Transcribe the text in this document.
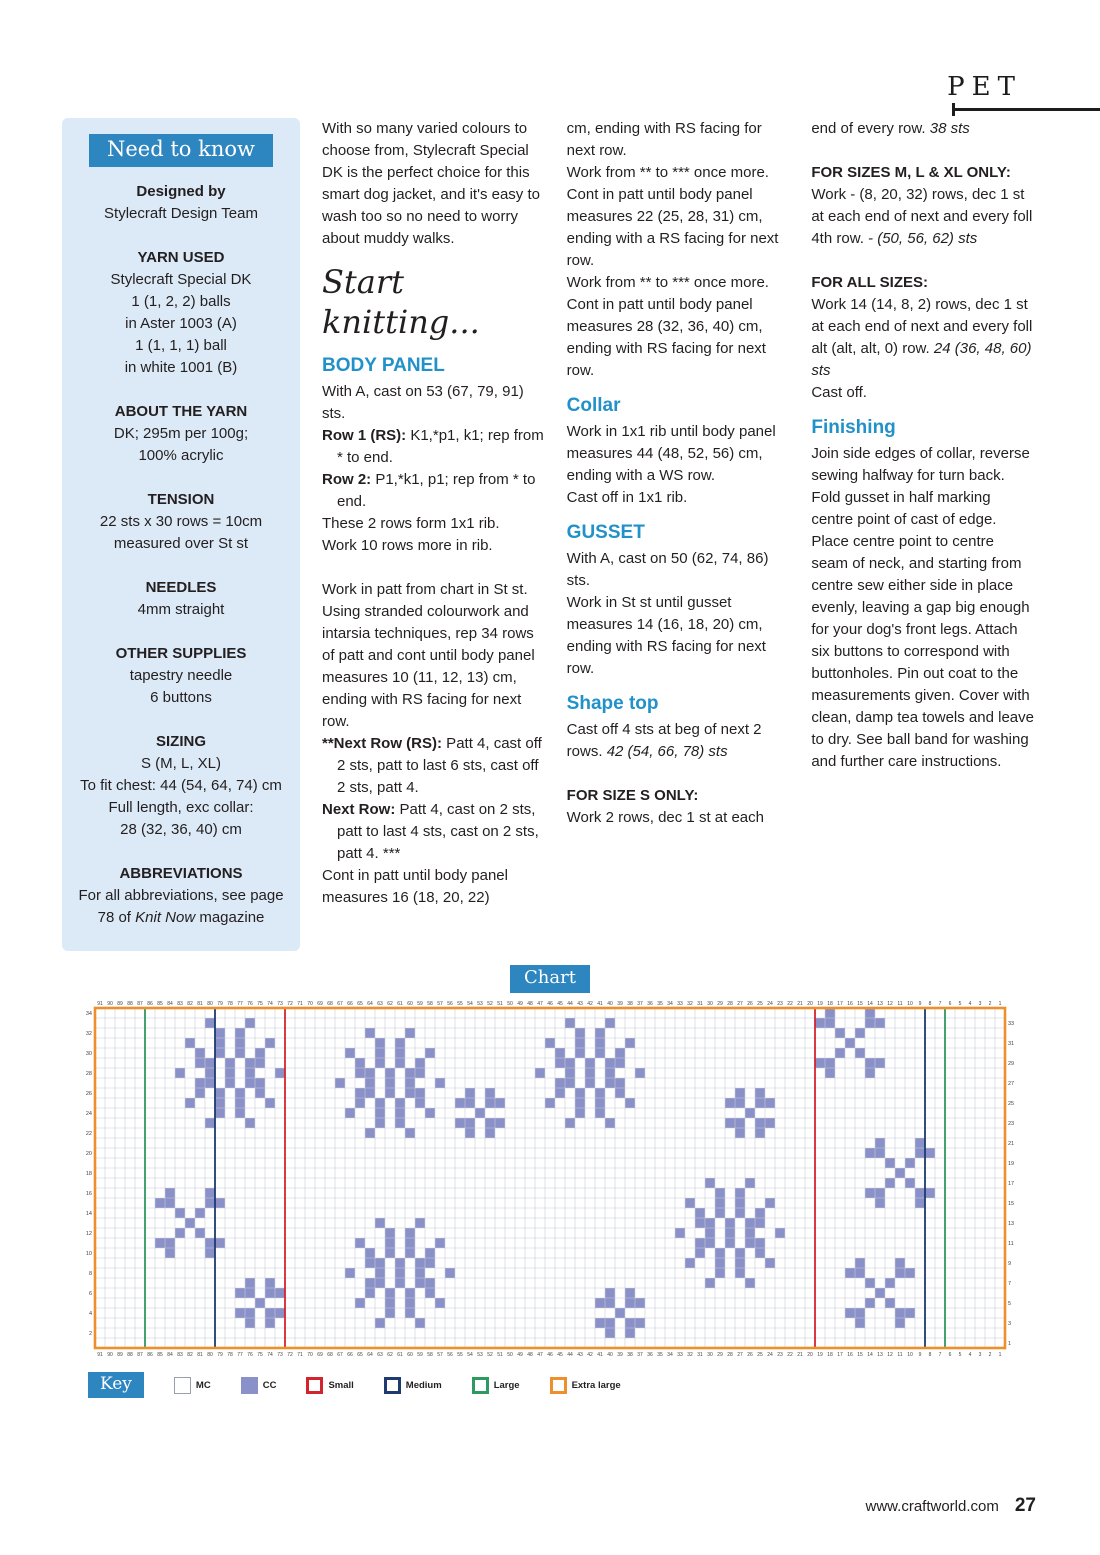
PET
Need to know
Designed by
Stylecraft Design Team
YARN USED
Stylecraft Special DK
1 (1, 2, 2) balls
in Aster 1003 (A)
1 (1, 1, 1) ball
in white 1001 (B)
ABOUT THE YARN
DK; 295m per 100g;
100% acrylic
TENSION
22 sts x 30 rows = 10cm
measured over St st
NEEDLES
4mm straight
OTHER SUPPLIES
tapestry needle
6 buttons
SIZING
S (M, L, XL)
To fit chest: 44 (54, 64, 74) cm
Full length, exc collar:
28 (32, 36, 40) cm
ABBREVIATIONS
For all abbreviations, see page
78 of Knit Now magazine
With so many varied colours to choose from, Stylecraft Special DK is the perfect choice for this smart dog jacket, and it's easy to wash too so no need to worry about muddy walks.
Start knitting...
BODY PANEL
With A, cast on 53 (67, 79, 91) sts.
Row 1 (RS): K1,*p1, k1; rep from * to end.
Row 2: P1,*k1, p1; rep from * to end.
These 2 rows form 1x1 rib.
Work 10 rows more in rib.
Work in patt from chart in St st.
Using stranded colourwork and intarsia techniques, rep 34 rows of patt and cont until body panel measures 10 (11, 12, 13) cm, ending with RS facing for next row.
**Next Row (RS): Patt 4, cast off 2 sts, patt to last 6 sts, cast off 2 sts, patt 4.
Next Row: Patt 4, cast on 2 sts, patt to last 4 sts, cast on 2 sts, patt 4. ***
Cont in patt until body panel measures 16 (18, 20, 22)
cm, ending with RS facing for next row.
Work from ** to *** once more.
Cont in patt until body panel measures 22 (25, 28, 31) cm, ending with a RS facing for next row.
Work from ** to *** once more.
Cont in patt until body panel measures 28 (32, 36, 40) cm, ending with RS facing for next row.
Collar
Work in 1x1 rib until body panel measures 44 (48, 52, 56) cm, ending with a WS row.
Cast off in 1x1 rib.
GUSSET
With A, cast on 50 (62, 74, 86) sts.
Work in St st until gusset measures 14 (16, 18, 20) cm, ending with RS facing for next row.
Shape top
Cast off 4 sts at beg of next 2 rows. 42 (54, 66, 78) sts
FOR SIZE S ONLY:
Work 2 rows, dec 1 st at each
end of every row. 38 sts
FOR SIZES M, L & XL ONLY:
Work - (8, 20, 32) rows, dec 1 st at each end of next and every foll 4th row. - (50, 56, 62) sts
FOR ALL SIZES:
Work 14 (14, 8, 2) rows, dec 1 st at each end of next and every foll alt (alt, alt, 0) row. 24 (36, 48, 60) sts
Cast off.
Finishing
Join side edges of collar, reverse sewing halfway for turn back. Fold gusset in half marking centre point of cast of edge. Place centre point to centre seam of neck, and starting from centre sew either side in place evenly, leaving a gap big enough for your dog's front legs. Attach six buttons to correspond with buttonholes. Pin out coat to the measurements given. Cover with clean, damp tea towels and leave to dry. See ball band for washing and further care instructions.
Chart
91
91
90
90
89
89
88
88
87
87
86
86
85
85
84
84
83
83
82
82
81
81
80
80
79
79
78
78
77
77
76
76
75
75
74
74
73
73
72
72
71
71
70
70
69
69
68
68
67
67
66
66
65
65
64
64
63
63
62
62
61
61
60
60
59
59
58
58
57
57
56
56
55
55
54
54
53
53
52
52
51
51
50
50
49
49
48
48
47
47
46
46
45
45
44
44
43
43
42
42
41
41
40
40
39
39
38
38
37
37
36
36
35
35
34
34
33
33
32
32
31
31
30
30
29
29
28
28
27
27
26
26
25
25
24
24
23
23
22
22
21
21
20
20
19
19
18
18
17
17
16
16
15
15
14
14
13
13
12
12
11
11
10
10
9
9
8
8
7
7
6
6
5
5
4
4
3
3
2
2
1
1
34
33
32
31
30
29
28
27
26
25
24
23
22
21
20
19
18
17
16
15
14
13
12
11
10
9
8
7
6
5
4
3
2
1
Key	MC	CC	Small	Medium	Large	Extra large
www.craftworld.com 27
